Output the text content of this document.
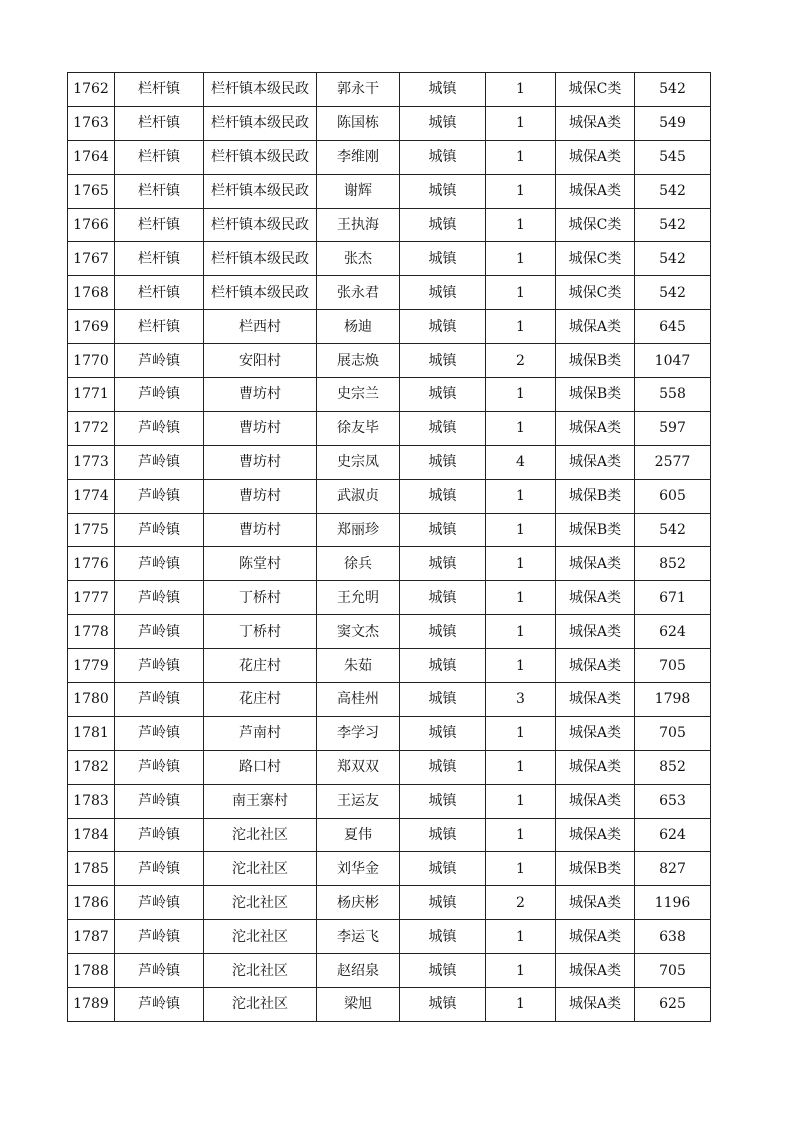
1762	栏杆镇	栏杆镇本级民政	郭永干	城镇	1	城保C类	542
1763	栏杆镇	栏杆镇本级民政	陈国栋	城镇	1	城保A类	549
1764	栏杆镇	栏杆镇本级民政	李维刚	城镇	1	城保A类	545
1765	栏杆镇	栏杆镇本级民政	谢辉	城镇	1	城保A类	542
1766	栏杆镇	栏杆镇本级民政	王执海	城镇	1	城保C类	542
1767	栏杆镇	栏杆镇本级民政	张杰	城镇	1	城保C类	542
1768	栏杆镇	栏杆镇本级民政	张永君	城镇	1	城保C类	542
1769	栏杆镇	栏西村	杨迪	城镇	1	城保A类	645
1770	芦岭镇	安阳村	展志焕	城镇	2	城保B类	1047
1771	芦岭镇	曹坊村	史宗兰	城镇	1	城保B类	558
1772	芦岭镇	曹坊村	徐友毕	城镇	1	城保A类	597
1773	芦岭镇	曹坊村	史宗凤	城镇	4	城保A类	2577
1774	芦岭镇	曹坊村	武淑贞	城镇	1	城保B类	605
1775	芦岭镇	曹坊村	郑丽珍	城镇	1	城保B类	542
1776	芦岭镇	陈堂村	徐兵	城镇	1	城保A类	852
1777	芦岭镇	丁桥村	王允明	城镇	1	城保A类	671
1778	芦岭镇	丁桥村	窦文杰	城镇	1	城保A类	624
1779	芦岭镇	花庄村	朱茹	城镇	1	城保A类	705
1780	芦岭镇	花庄村	高桂州	城镇	3	城保A类	1798
1781	芦岭镇	芦南村	李学习	城镇	1	城保A类	705
1782	芦岭镇	路口村	郑双双	城镇	1	城保A类	852
1783	芦岭镇	南王寨村	王运友	城镇	1	城保A类	653
1784	芦岭镇	沱北社区	夏伟	城镇	1	城保A类	624
1785	芦岭镇	沱北社区	刘华金	城镇	1	城保B类	827
1786	芦岭镇	沱北社区	杨庆彬	城镇	2	城保A类	1196
1787	芦岭镇	沱北社区	李运飞	城镇	1	城保A类	638
1788	芦岭镇	沱北社区	赵绍泉	城镇	1	城保A类	705
1789	芦岭镇	沱北社区	梁旭	城镇	1	城保A类	625
